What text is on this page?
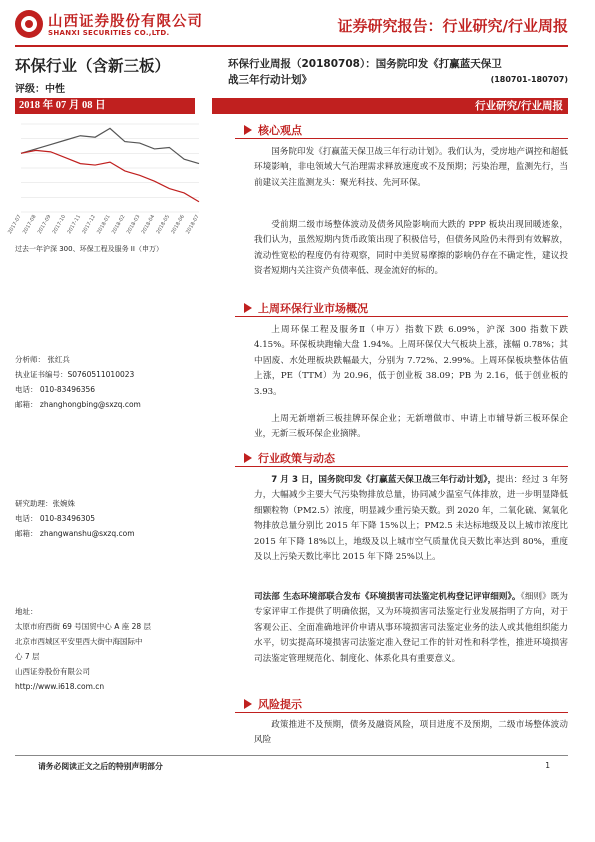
山西证券股份有限公司
SHANXI SECURITIES CO.,LTD.	证券研究报告：行业研究/行业周报
环保行业（含新三板）
评级：中性
2018 年 07 月 08 日
2017-07 2017-08 2017-09 2017-10 2017-11 2017-12 2018-01 2018-02 2018-03 2018-04 2018-05 2018-06 2018-07
过去一年沪深 300、环保工程及服务 II（申万）
分析师： 张红兵
执业证书编号：S0760511010023
电话： 010-83496356
邮箱： zhanghongbing@sxzq.com
研究助理：张婉姝
电话： 010-83496305
邮箱： zhangwanshu@sxzq.com
地址：
太原市府西街 69 号国贸中心 A 座 28 层
北京市西城区平安里西大街中海国际中
心 7 层
山西证券股份有限公司
http://www.i618.com.cn
环保行业周报（20180708）：国务院印发《打赢蓝天保卫
战三年行动计划》	(180701-180707)
行业研究/行业周报
核心观点
国务院印发《打赢蓝天保卫战三年行动计划》。我们认为，受房地产调控和超低环境影响，非电领域大气治理需求释放速度或不及预期；污染治理，监测先行，当前建议关注监测龙头：聚光科技、先河环保。
受前期二级市场整体波动及债务风险影响而大跌的 PPP 板块出现回暖迹象，我们认为，虽然短期内货币政策出现了积极信号，但债务风险仍未得到有效解放，流动性宽松的程度仍有待观察，同时中美贸易摩擦的影响仍存在不确定性，建议投资者短期内关注资产负债率低、现金流好的标的。
上周环保行业市场概况
上周环保工程及服务Ⅱ（申万）指数下跌 6.09%，沪深 300 指数下跌 4.15%。环保板块跑输大盘 1.94%。上周环保仅大气板块上涨，涨幅 0.78%；其中固废、水处理板块跌幅最大，分别为 7.72%、2.99%。上周环保板块整体估值上涨，PE（TTM）为 20.96，低于创业板 38.09；PB 为 2.16，低于创业板的 3.93。
上周无新增新三板挂牌环保企业；无新增做市、申请上市辅导新三板环保企业，无新三板环保企业摘牌。
行业政策与动态
7 月 3 日，国务院印发《打赢蓝天保卫战三年行动计划》，提出：经过 3 年努力，大幅减少主要大气污染物排放总量，协同减少温室气体排放，进一步明显降低细颗粒物（PM2.5）浓度，明显减少重污染天数。到 2020 年，二氧化硫、氮氧化物排放总量分别比 2015 年下降 15%以上；PM2.5 未达标地级及以上城市浓度比 2015 年下降 18%以上，地级及以上城市空气质量优良天数比率达到 80%，重度及以上污染天数比率比 2015 年下降 25%以上。
司法部 生态环境部联合发布《环境损害司法鉴定机构登记评审细则》。《细则》既为专家评审工作提供了明确依据，又为环境损害司法鉴定行业发展指明了方向，对于客观公正、全面准确地评价申请从事环境损害司法鉴定业务的法人或其他组织能力水平，切实提高环境损害司法鉴定准入登记工作的针对性和科学性，推进环境损害司法鉴定管理规范化、制度化、体系化具有重要意义。
风险提示
政策推进不及预期，债务及融资风险，项目进度不及预期，二级市场整体波动风险
请务必阅读正文之后的特别声明部分	1
